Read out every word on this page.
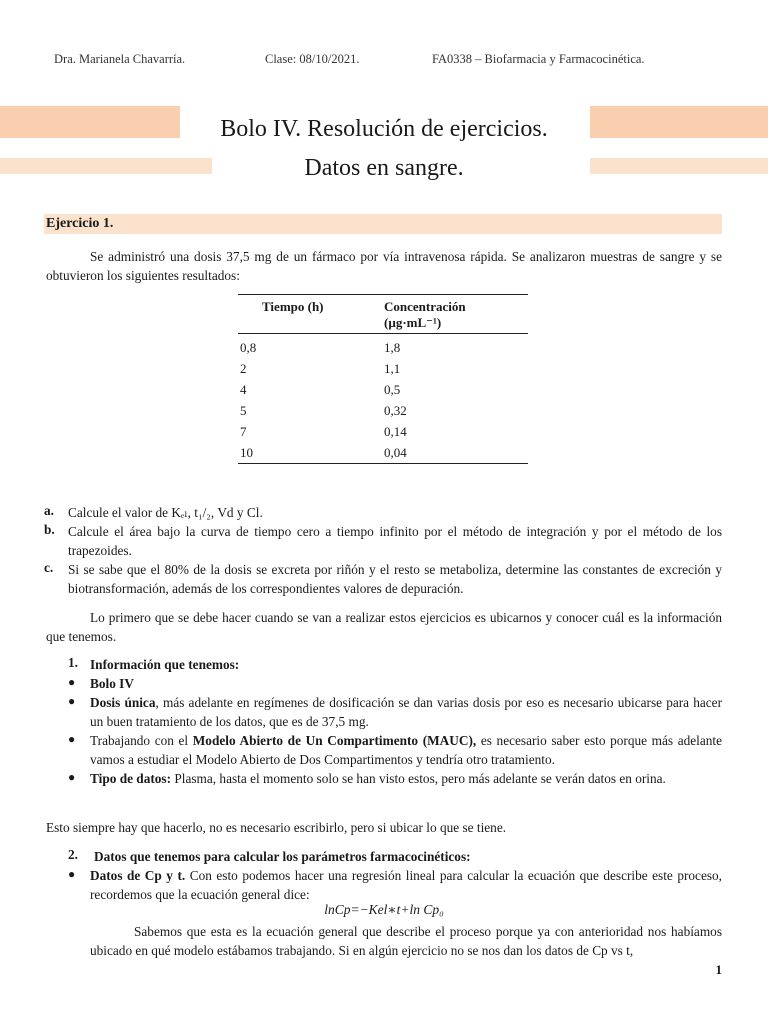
Dra. Marianela Chavarría.	Clase: 08/10/2021.	FA0338 – Biofarmacia y Farmacocinética.
Bolo IV. Resolución de ejercicios.
Datos en sangre.
Ejercicio 1.
Se administró una dosis 37,5 mg de un fármaco por vía intravenosa rápida. Se analizaron muestras de sangre y se obtuvieron los siguientes resultados:
Tiempo (h)	Concentración (µg·mL⁻¹)
0,8	1,8
2	1,1
4	0,5
5	0,32
7	0,14
10	0,04
a. Calcule el valor de Kₑₗ, t₁/₂, Vd y Cl.
b. Calcule el área bajo la curva de tiempo cero a tiempo infinito por el método de integración y por el método de los trapezoides.
c. Si se sabe que el 80% de la dosis se excreta por riñón y el resto se metaboliza, determine las constantes de excreción y biotransformación, además de los correspondientes valores de depuración.
Lo primero que se debe hacer cuando se van a realizar estos ejercicios es ubicarnos y conocer cuál es la información que tenemos.
1. Información que tenemos:
● Bolo IV
● Dosis única, más adelante en regímenes de dosificación se dan varias dosis por eso es necesario ubicarse para hacer un buen tratamiento de los datos, que es de 37,5 mg.
● Trabajando con el Modelo Abierto de Un Compartimento (MAUC), es necesario saber esto porque más adelante vamos a estudiar el Modelo Abierto de Dos Compartimentos y tendría otro tratamiento.
● Tipo de datos: Plasma, hasta el momento solo se han visto estos, pero más adelante se verán datos en orina.
Esto siempre hay que hacerlo, no es necesario escribirlo, pero si ubicar lo que se tiene.
2. Datos que tenemos para calcular los parámetros farmacocinéticos:
● Datos de Cp y t. Con esto podemos hacer una regresión lineal para calcular la ecuación que describe este proceso, recordemos que la ecuación general dice:
lnCp=−Kel∗t+ln Cp₀
Sabemos que esta es la ecuación general que describe el proceso porque ya con anterioridad nos habíamos ubicado en qué modelo estábamos trabajando. Si en algún ejercicio no se nos dan los datos de Cp vs t,
1
